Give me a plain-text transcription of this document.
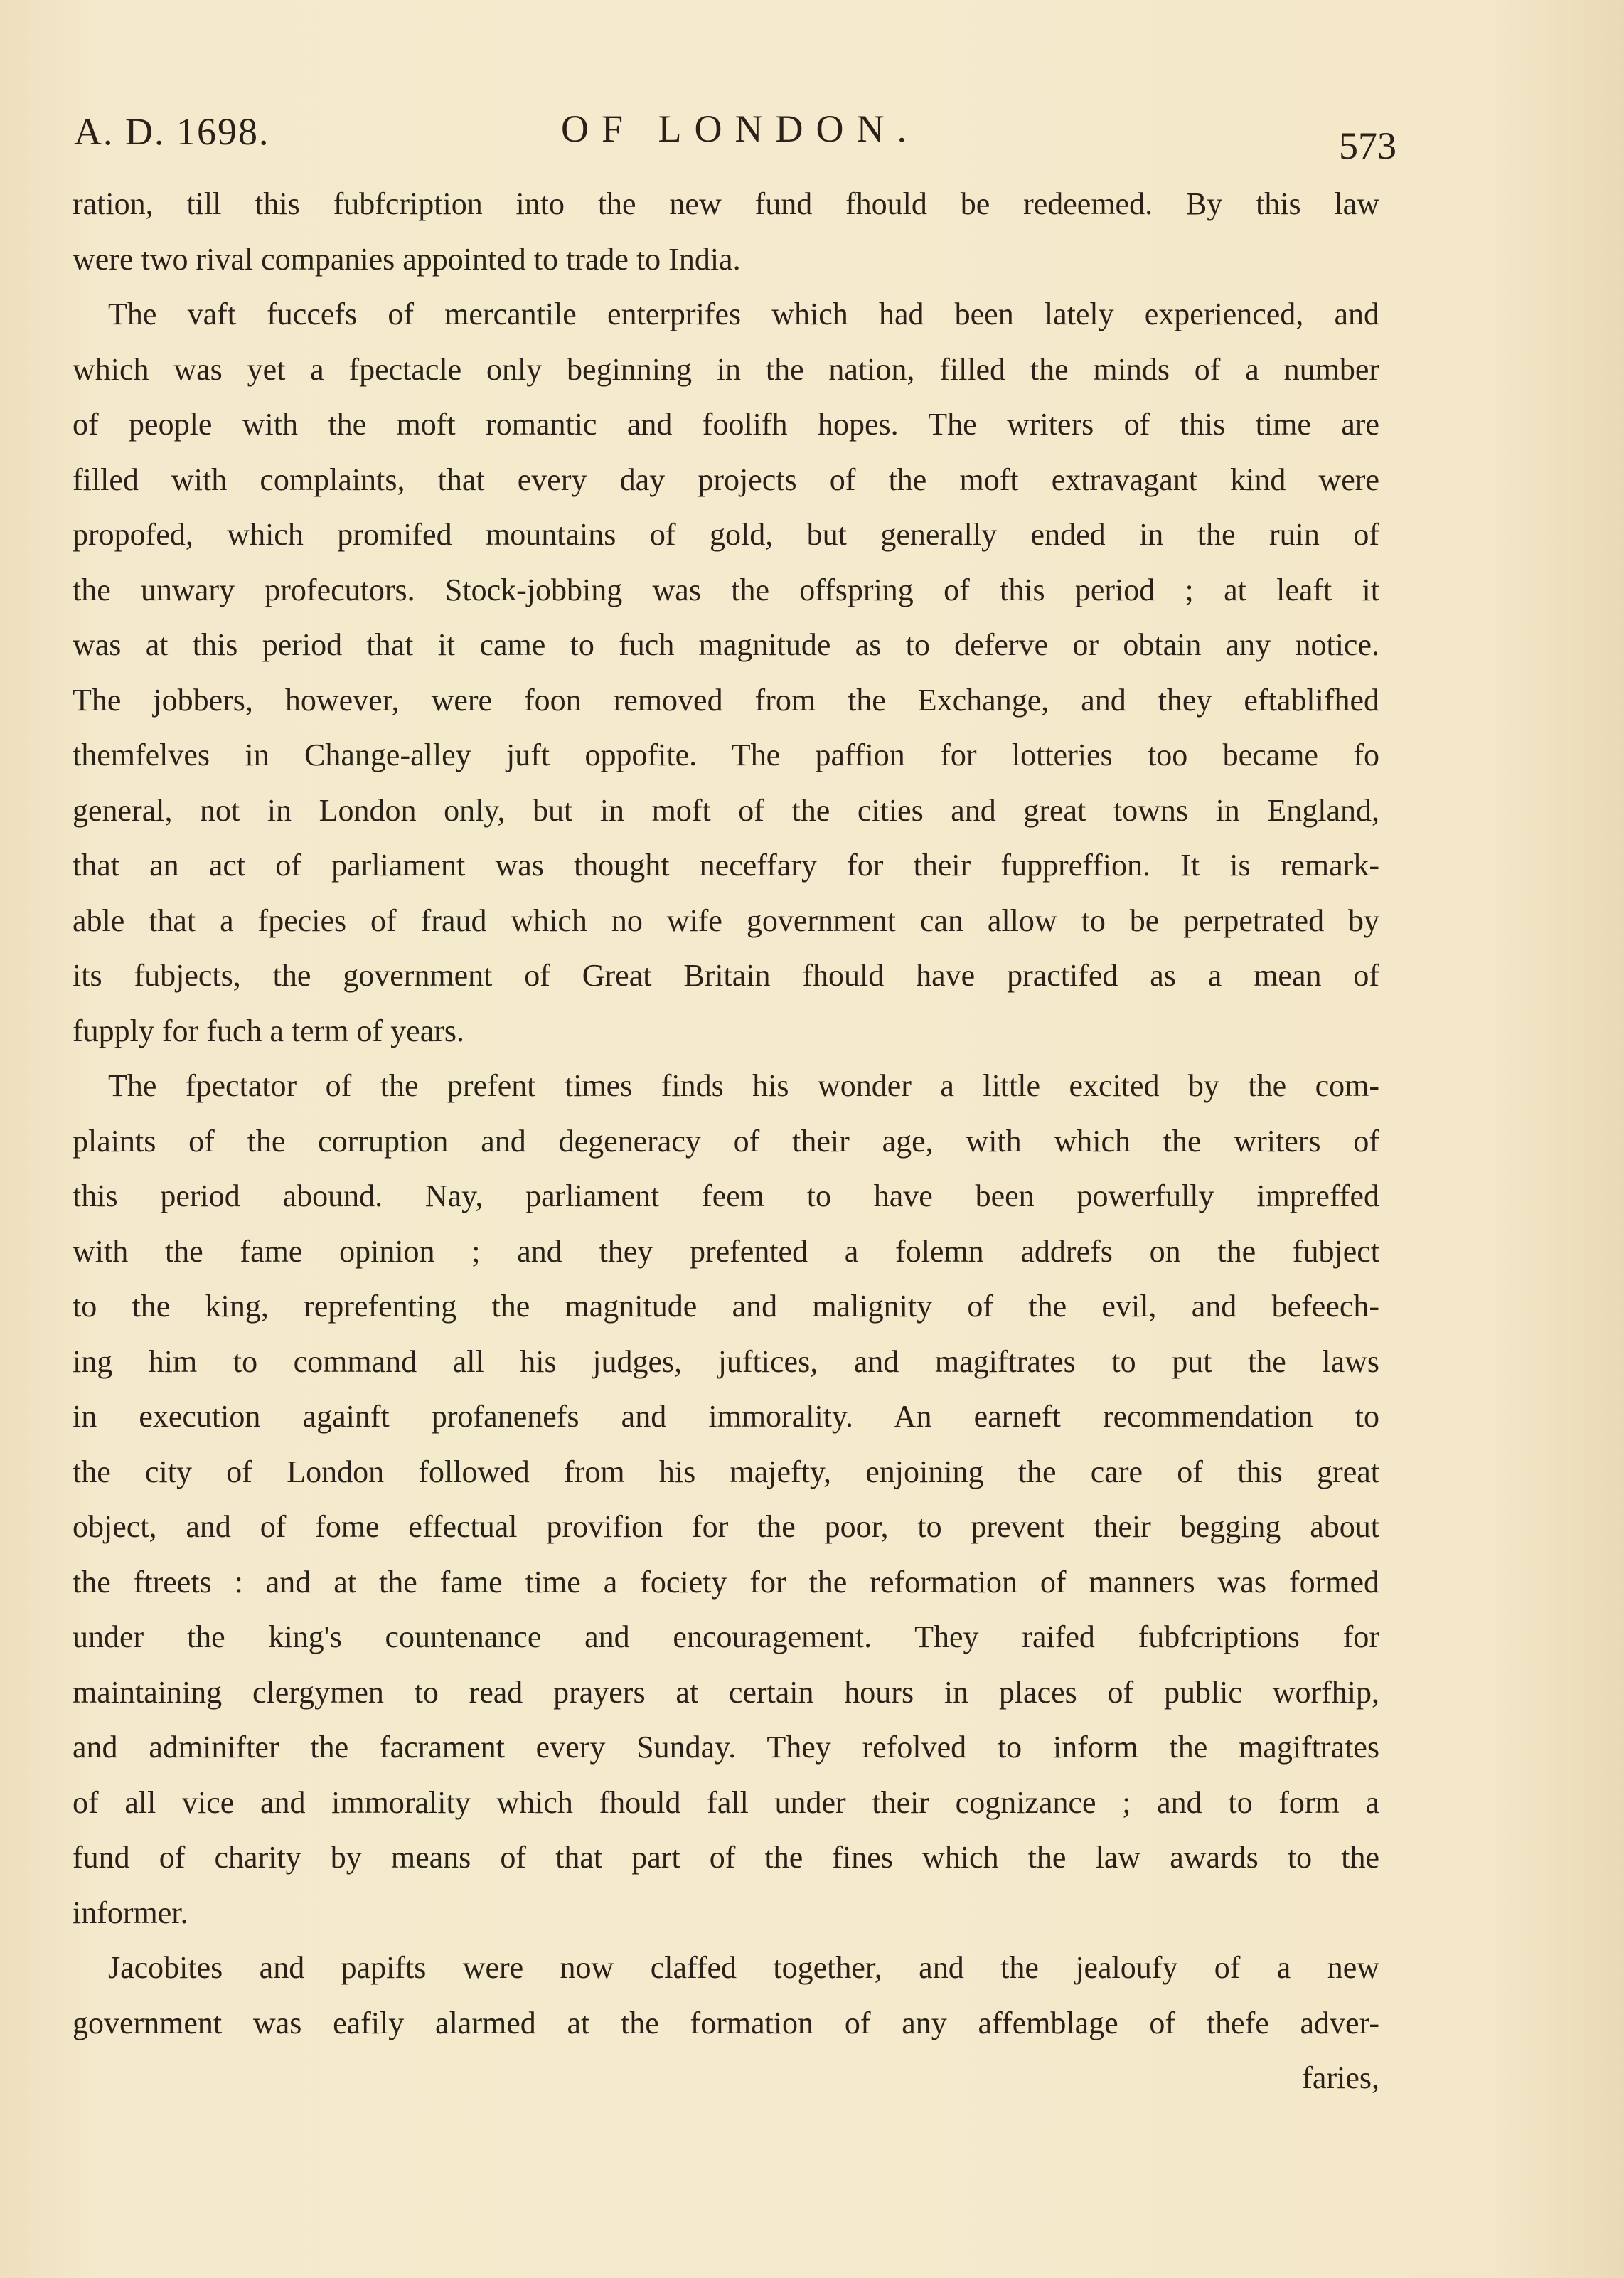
A. D. 1698.	OF LONDON.	573
ration, till this fubfcription into the new fund fhould be redeemed. By this law
were two rival companies appointed to trade to India.
The vaft fuccefs of mercantile enterprifes which had been lately experienced, and
which was yet a fpectacle only beginning in the nation, filled the minds of a number
of people with the moft romantic and foolifh hopes. The writers of this time are
filled with complaints, that every day projects of the moft extravagant kind were
propofed, which promifed mountains of gold, but generally ended in the ruin of
the unwary profecutors. Stock-jobbing was the offspring of this period ; at leaft it
was at this period that it came to fuch magnitude as to deferve or obtain any notice.
The jobbers, however, were foon removed from the Exchange, and they eftablifhed
themfelves in Change-alley juft oppofite. The paffion for lotteries too became fo
general, not in London only, but in moft of the cities and great towns in England,
that an act of parliament was thought neceffary for their fuppreffion. It is remark-
able that a fpecies of fraud which no wife government can allow to be perpetrated by
its fubjects, the government of Great Britain fhould have practifed as a mean of
fupply for fuch a term of years.
The fpectator of the prefent times finds his wonder a little excited by the com-
plaints of the corruption and degeneracy of their age, with which the writers of
this period abound. Nay, parliament feem to have been powerfully impreffed
with the fame opinion ; and they prefented a folemn addrefs on the fubject
to the king, reprefenting the magnitude and malignity of the evil, and befeech-
ing him to command all his judges, juftices, and magiftrates to put the laws
in execution againft profanenefs and immorality. An earneft recommendation to
the city of London followed from his majefty, enjoining the care of this great
object, and of fome effectual provifion for the poor, to prevent their begging about
the ftreets : and at the fame time a fociety for the reformation of manners was formed
under the king's countenance and encouragement. They raifed fubfcriptions for
maintaining clergymen to read prayers at certain hours in places of public worfhip,
and adminifter the facrament every Sunday. They refolved to inform the magiftrates
of all vice and immorality which fhould fall under their cognizance ; and to form a
fund of charity by means of that part of the fines which the law awards to the
informer.
Jacobites and papifts were now claffed together, and the jealoufy of a new
government was eafily alarmed at the formation of any affemblage of thefe adver-
faries,
